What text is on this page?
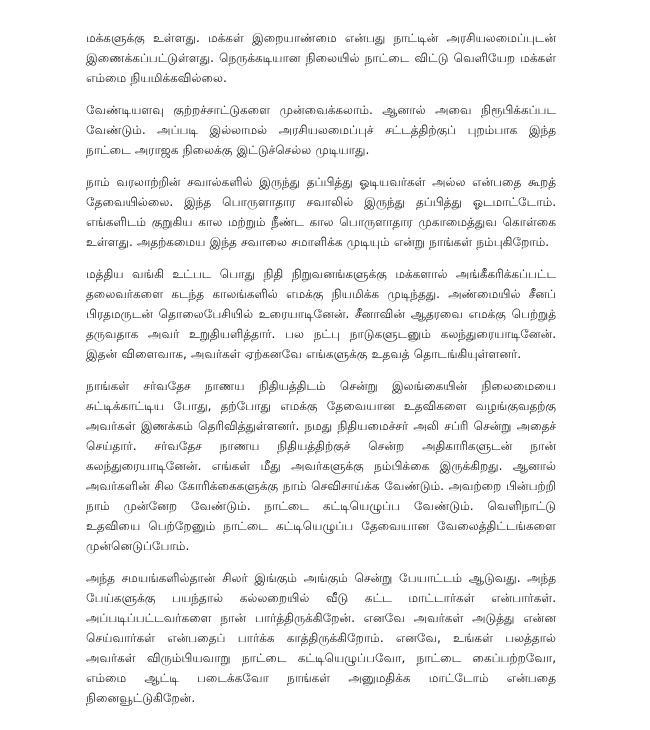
மக்களுக்கு உள்ளது. மக்கள் இறையாண்மை என்பது நாட்டின் அரசியலமைப்புடன் இணைக்கப்பட்டுள்ளது. நெருக்கடியான நிலையில் நாட்டை விட்டு வெளியேற மக்கள் எம்மை நியமிக்கவில்லை.

வேண்டியளவு குற்றச்சாட்டுகளை முன்வைக்கலாம். ஆனால் அவை நிரூபிக்கப்பட வேண்டும். அப்படி இல்லாமல் அரசியலமைப்புச் சட்டத்திற்குப் புறம்பாக இந்த நாட்டை அராஜக நிலைக்கு இட்டுச்செல்ல முடியாது.

நாம் வரலாற்றின் சவால்களில் இருந்து தப்பித்து ஓடியவர்கள் அல்ல என்பதை கூறத் தேவையில்லை. இந்த பொருளாதார சவாலில் இருந்து தப்பித்து ஓடமாட்டோம். எங்களிடம் குறுகிய கால மற்றும் நீண்ட கால பொருளாதார முகாமைத்துவ கொள்கை உள்ளது. அதற்கமைய இந்த சவாலை சமாளிக்க முடியும் என்று நாங்கள் நம்புகிறோம்.

மத்திய வங்கி உட்பட பொது நிதி நிறுவனங்களுக்கு மக்களால் அங்கீகரிக்கப்பட்ட தலைவர்களை கடந்த காலங்களில் எமக்கு நியமிக்க முடிந்தது. அண்மையில் சீனப் பிரதமருடன் தொலைபேசியில் உரையாடினேன். சீனாவின் ஆதரவை எமக்கு பெற்றுத் தருவதாக அவர் உறுதியளித்தார். பல நட்பு நாடுகளுடனும் கலந்துரையாடினேன். இதன் விளைவாக, அவர்கள் ஏற்கனவே எங்களுக்கு உதவத் தொடங்கியுள்ளனர்.

நாங்கள் சர்வதேச நாணய நிதியத்திடம் சென்று இலங்கையின் நிலைமையை சுட்டிக்காட்டிய போது, தற்போது எமக்கு தேவையான உதவிகளை வழங்குவதற்கு அவர்கள் இணக்கம் தெரிவித்துள்ளனர். நமது நிதியமைச்சர் அலி சப்ரி சென்று அதைச் செய்தார். சர்வதேச நாணய நிதியத்திற்குச் சென்ற அதிகாரிகளுடன் நான் கலந்துரையாடினேன். எங்கள் மீது அவர்களுக்கு நம்பிக்கை இருக்கிறது. ஆனால் அவர்களின் சில கோரிக்கைகளுக்கு நாம் செவிசாய்க்க வேண்டும். அவற்றை பின்பற்றி நாம் முன்னேற வேண்டும். நாட்டை கட்டியெழுப்ப வேண்டும். வெளிநாட்டு உதவியை பெற்றேனும் நாட்டை கட்டியெழுப்ப தேவையான வேலைத்திட்டங்களை முன்னெடுப்போம்.

அந்த சமயங்களில்தான் சிலர் இங்கும் அங்கும் சென்று பேயாட்டம் ஆடுவது. அந்த பேய்களுக்கு பயந்தால் கல்லறையில் வீடு கட்ட மாட்டார்கள் என்பார்கள். அப்படிப்பட்டவர்களை நான் பார்த்திருக்கிறேன். எனவே அவர்கள் அடுத்து என்ன செய்வார்கள் என்பதைப் பார்க்க காத்திருக்கிறோம். எனவே, உங்கள் பலத்தால் அவர்கள் விரும்பியவாறு நாட்டை கட்டியெழுப்பவோ, நாட்டை கைப்பற்றவோ, எம்மை ஆட்டி படைக்கவோ நாங்கள் அனுமதிக்க மாட்டோம் என்பதை நினைவூட்டுகிறேன்.
